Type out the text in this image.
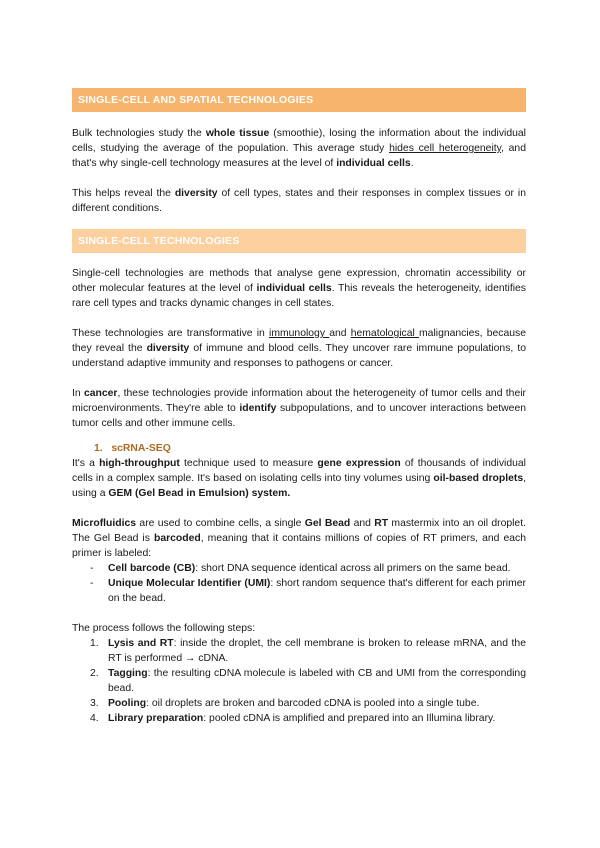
SINGLE-CELL AND SPATIAL TECHNOLOGIES

Bulk technologies study the whole tissue (smoothie), losing the information about the individual cells, studying the average of the population. This average study hides cell heterogeneity, and that's why single-cell technology measures at the level of individual cells.

This helps reveal the diversity of cell types, states and their responses in complex tissues or in different conditions.

SINGLE-CELL TECHNOLOGIES

Single-cell technologies are methods that analyse gene expression, chromatin accessibility or other molecular features at the level of individual cells. This reveals the heterogeneity, identifies rare cell types and tracks dynamic changes in cell states.

These technologies are transformative in immunology and hematological malignancies, because they reveal the diversity of immune and blood cells. They uncover rare immune populations, to understand adaptive immunity and responses to pathogens or cancer.

In cancer, these technologies provide information about the heterogeneity of tumor cells and their microenvironments. They're able to identify subpopulations, and to uncover interactions between tumor cells and other immune cells.

1. scRNA-SEQ

It's a high-throughput technique used to measure gene expression of thousands of individual cells in a complex sample. It's based on isolating cells into tiny volumes using oil-based droplets, using a GEM (Gel Bead in Emulsion) system.

Microfluidics are used to combine cells, a single Gel Bead and RT mastermix into an oil droplet. The Gel Bead is barcoded, meaning that it contains millions of copies of RT primers, and each primer is labeled:

- Cell barcode (CB): short DNA sequence identical across all primers on the same bead.
- Unique Molecular Identifier (UMI): short random sequence that's different for each primer on the bead.

The process follows the following steps:

1. Lysis and RT: inside the droplet, the cell membrane is broken to release mRNA, and the RT is performed → cDNA.
2. Tagging: the resulting cDNA molecule is labeled with CB and UMI from the corresponding bead.
3. Pooling: oil droplets are broken and barcoded cDNA is pooled into a single tube.
4. Library preparation: pooled cDNA is amplified and prepared into an Illumina library.
